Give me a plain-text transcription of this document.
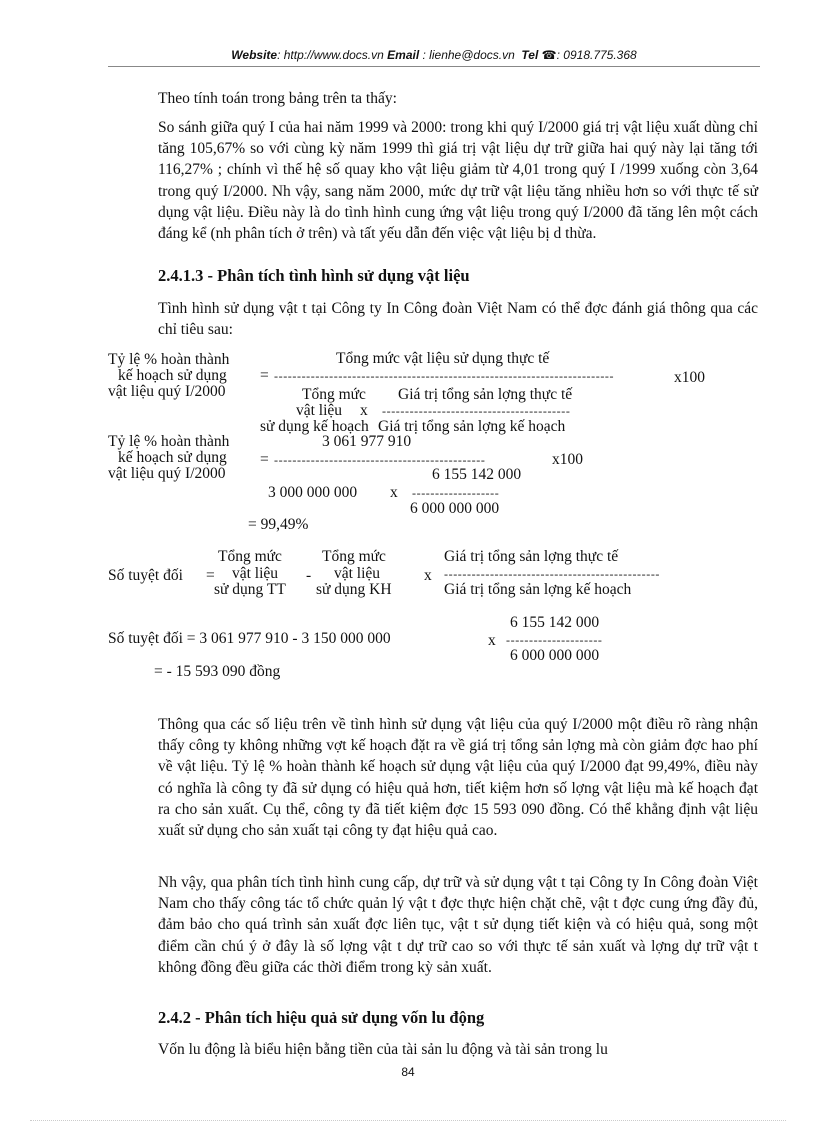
Website: http://www.docs.vn Email : lienhe@docs.vn Tel ☎: 0918.775.368
Theo tính toán trong bảng trên ta thấy:
So sánh giữa quý I của hai năm 1999 và 2000: trong khi quý I/2000 giá trị vật liệu xuất dùng chỉ tăng 105,67% so với cùng kỳ năm 1999 thì giá trị vật liệu dự trữ giữa hai quý này lại tăng tới 116,27% ; chính vì thế hệ số quay kho vật liệu giảm từ 4,01 trong quý I /1999 xuống còn 3,64 trong quý I/2000. Nh vậy, sang năm 2000, mức dự trữ vật liệu tăng nhiều hơn so với thực tế sử dụng vật liệu. Điều này là do tình hình cung ứng vật liệu trong quý I/2000 đã tăng lên một cách đáng kể (nh phân tích ở trên) và tất yếu dẫn đến việc vật liệu bị d thừa.
2.4.1.3 - Phân tích tình hình sử dụng vật liệu
Tình hình sử dụng vật t tại Công ty In Công đoàn Việt Nam có thể đợc đánh giá thông qua các chỉ tiêu sau:
Tỷ lệ % hoàn thành
kế hoạch sử dụng
vật liệu quý I/2000
=
Tổng mức vật liệu sử dụng thực tế
--------------------------------------------------------------------------	x100
Tổng mức
vật liệu
sử dụng kế hoạch
x
Giá trị tổng sản lợng thực tế
-----------------------------------------
Giá trị tổng sản lợng kế hoạch
Tỷ lệ % hoàn thành
kế hoạch sử dụng
vật liệu quý I/2000
=
3 061 977 910
----------------------------------------------	x100
6 155 142 000
3 000 000 000 x -------------------
6 000 000 000
= 99,49%
Tổng mức
vật liệu
sử dụng TT
Số tuyệt đối =	-
Tổng mức
vật liệu
sử dụng KH
x
Giá trị tổng sản lợng thực tế
-----------------------------------------------
Giá trị tổng sản lợng kế hoạch
6 155 142 000
Số tuyệt đối = 3 061 977 910 - 3 150 000 000	x ---------------------
6 000 000 000
= - 15 593 090 đồng
Thông qua các số liệu trên về tình hình sử dụng vật liệu của quý I/2000 một điều rõ ràng nhận thấy công ty không những vợt kế hoạch đặt ra về giá trị tổng sản lợng mà còn giảm đợc hao phí về vật liệu. Tỷ lệ % hoàn thành kế hoạch sử dụng vật liệu của quý I/2000 đạt 99,49%, điều này có nghĩa là công ty đã sử dụng có hiệu quả hơn, tiết kiệm hơn số lợng vật liệu mà kế hoạch đạt ra cho sản xuất. Cụ thể, công ty đã tiết kiệm đợc 15 593 090 đồng. Có thể khẳng định vật liệu xuất sử dụng cho sản xuất tại công ty đạt hiệu quả cao.
Nh vậy, qua phân tích tình hình cung cấp, dự trữ và sử dụng vật t tại Công ty In Công đoàn Việt Nam cho thấy công tác tổ chức quản lý vật t đợc thực hiện chặt chẽ, vật t đợc cung ứng đầy đủ, đảm bảo cho quá trình sản xuất đợc liên tục, vật t sử dụng tiết kiện và có hiệu quả, song một điểm cần chú ý ở đây là số lợng vật t dự trữ cao so với thực tế sản xuất và lợng dự trữ vật t không đồng đều giữa các thời điểm trong kỳ sản xuất.
2.4.2 - Phân tích hiệu quả sử dụng vốn lu động
Vốn lu động là biểu hiện bằng tiền của tài sản lu động và tài sản trong lu
84
